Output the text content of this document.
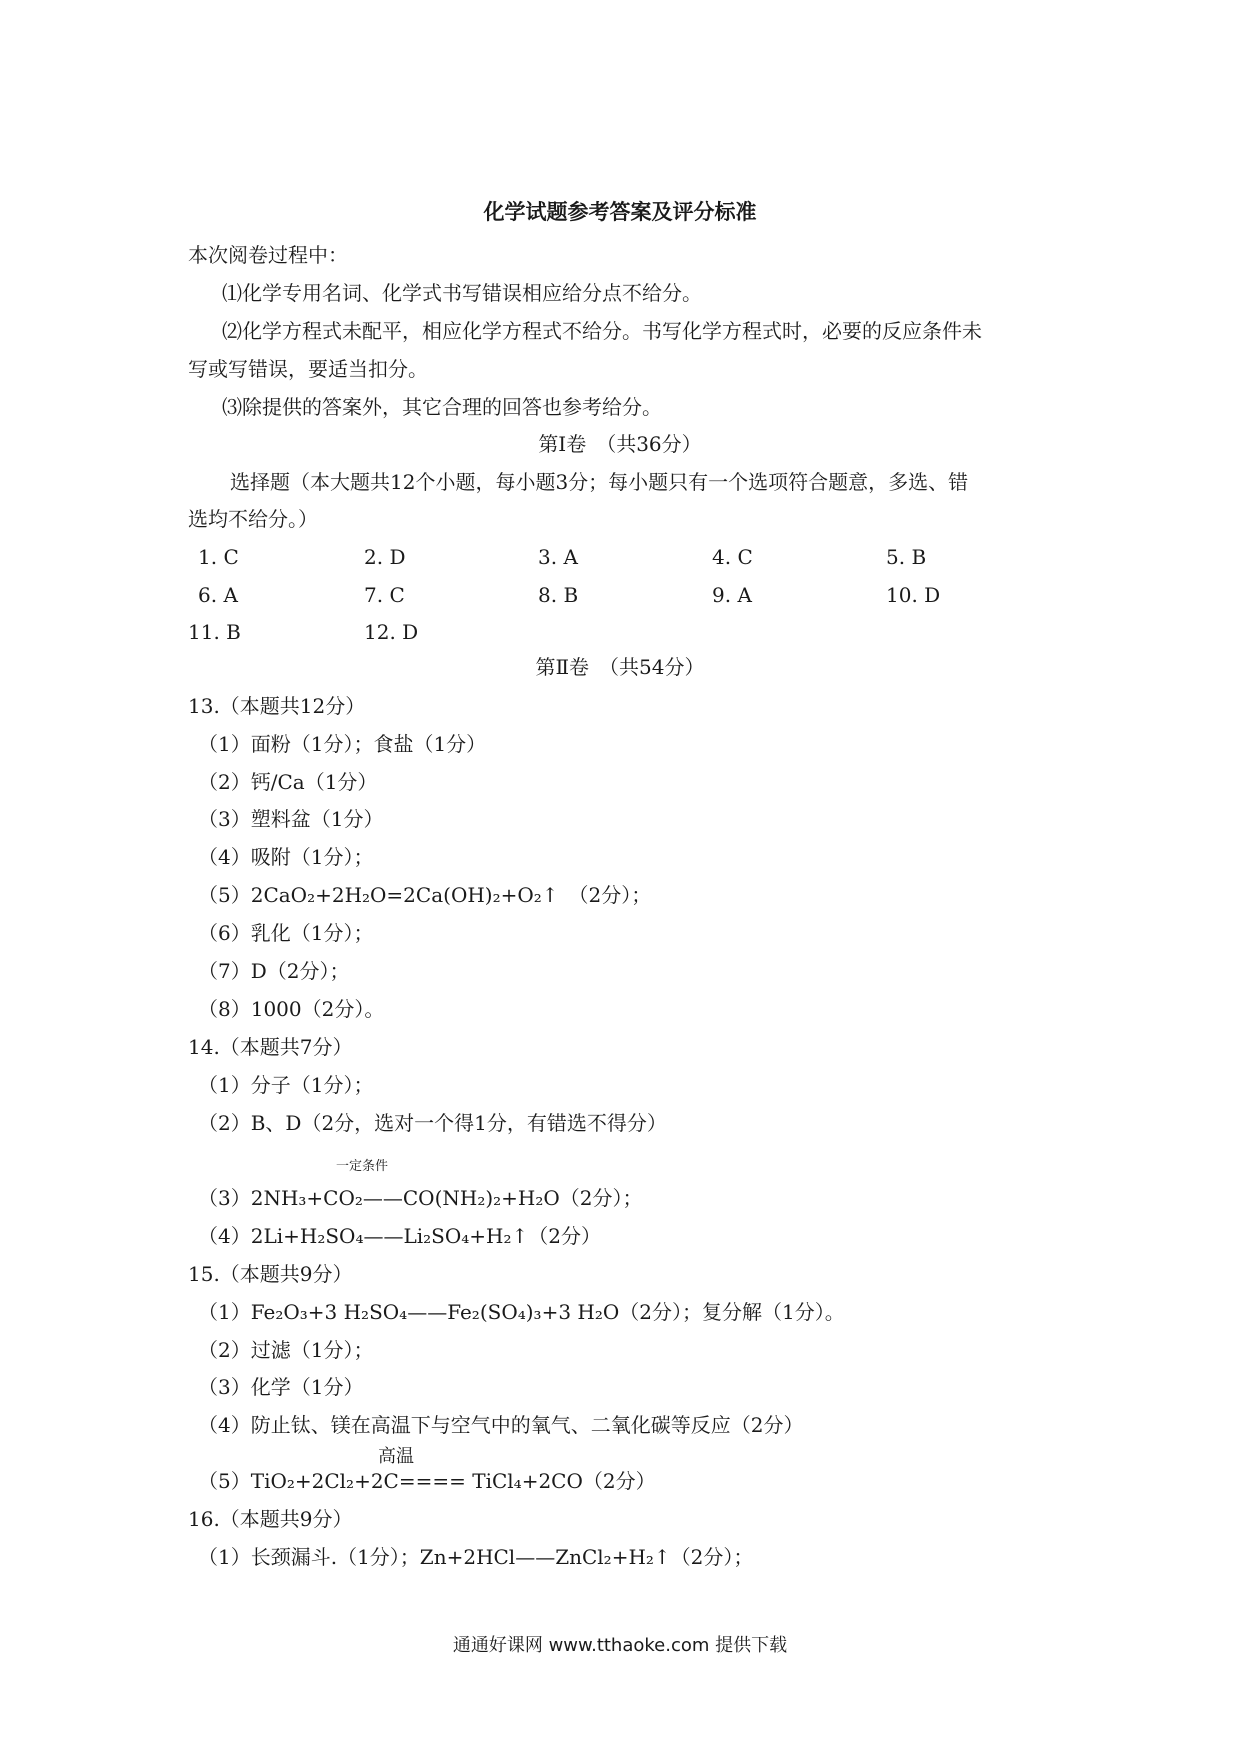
化学试题参考答案及评分标准
本次阅卷过程中：
⑴化学专用名词、化学式书写错误相应给分点不给分。
⑵化学方程式未配平，相应化学方程式不给分。书写化学方程式时，必要的反应条件未
写或写错误，要适当扣分。
⑶除提供的答案外，其它合理的回答也参考给分。
第Ⅰ卷　（共36分）
选择题（本大题共12个小题，每小题3分；每小题只有一个选项符合题意，多选、错
选均不给分。）
1. C	2. D	3. A	4. C	5. B
6. A	7. C	8. B	9. A	10. D
11. B	12. D
第Ⅱ卷　（共54分）
13.（本题共12分）
（1）面粉（1分）；食盐（1分）
（2）钙/Ca（1分）
（3）塑料盆（1分）
（4）吸附（1分）；
（5）2CaO₂+2H₂O=2Ca(OH)₂+O₂↑　（2分）；
（6）乳化（1分）；
（7）D（2分）；
（8）1000（2分）。
14.（本题共7分）
（1）分子（1分）；
（2）B、D（2分，选对一个得1分，有错选不得分）
一定条件
（3）2NH₃+CO₂——CO(NH₂)₂+H₂O（2分）；
（4）2Li+H₂SO₄——Li₂SO₄+H₂↑（2分）
15.（本题共9分）
（1）Fe₂O₃+3 H₂SO₄——Fe₂(SO₄)₃+3 H₂O（2分）；复分解（1分）。
（2）过滤（1分）；
（3）化学（1分）
（4）防止钛、镁在高温下与空气中的氧气、二氧化碳等反应（2分）
高温
（5）TiO₂+2Cl₂+2C==== TiCl₄+2CO（2分）
16.（本题共9分）
（1）长颈漏斗.（1分）；Zn+2HCl——ZnCl₂+H₂↑（2分）；
通通好课网 www.tthaoke.com 提供下载
